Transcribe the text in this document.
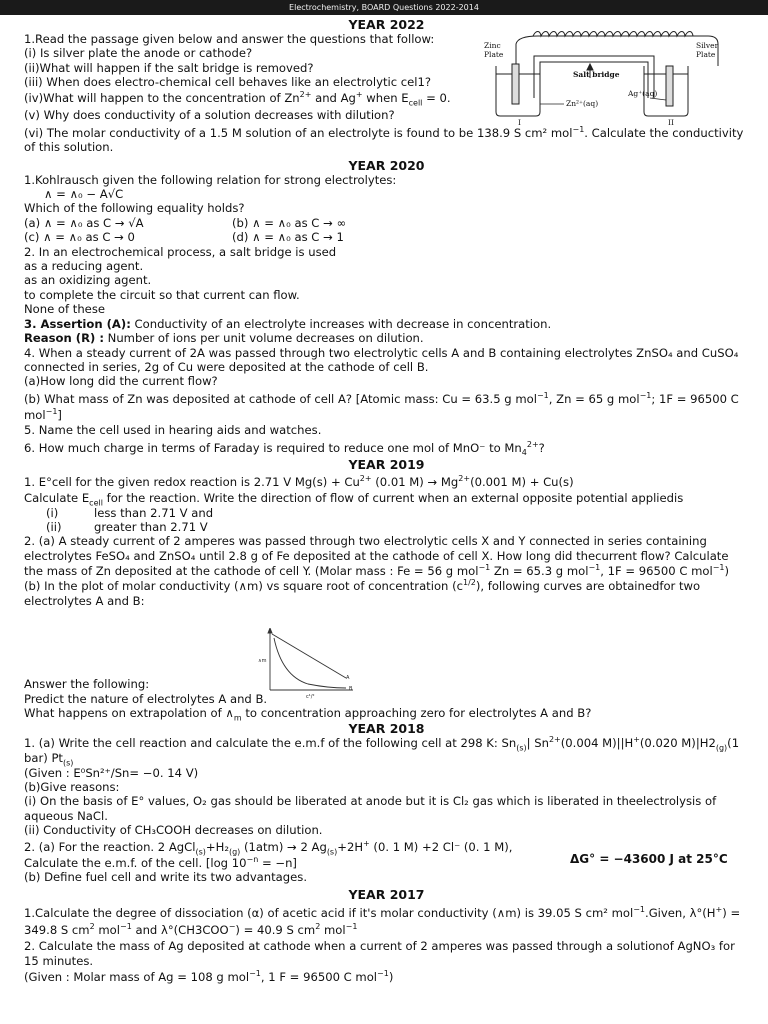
Electrochemistry, BOARD Questions 2022-2014
YEAR 2022
1.Read the passage given below and answer the questions that follow:
(i) Is silver plate the anode or cathode?
(ii)What will happen if the salt bridge is removed?
(iii) When does electro-chemical cell behaves like an electrolytic cel1?
(iv)What will happen to the concentration of $Zn^{2+}$ and Ag+ when $E_{cell} = 0$.
(v) Why does conductivity of a solution decreases with dilution?
(vi) The molar conductivity of a 1.5 M solution of an electrolyte is found to be 138.9 S cm² mol$^{-1}$. Calculate the conductivity of this solution.
YEAR 2020
1.Kohlrausch given the following relation for strong electrolytes:
∧ = ∧₀ − A√C
Which of the following equality holds?
(a) ∧ = ∧₀ as C → √A	(b) ∧ = ∧₀ as C → ∞
(c) ∧ = ∧₀ as C → 0	(d) ∧ = ∧₀ as C → 1
2. In an electrochemical process, a salt bridge is used
as a reducing agent.
as an oxidizing agent.
to complete the circuit so that current can flow.
None of these
3. Assertion (A): Conductivity of an electrolyte increases with decrease in concentration.
Reason (R) : Number of ions per unit volume decreases on dilution.
4. When a steady current of 2A was passed through two electrolytic cells A and B containing electrolytes ZnSO₄ and CuSO₄ connected in series, 2g of Cu were deposited at the cathode of cell B.
(a)How long did the current flow?
(b) What mass of Zn was deposited at cathode of cell A? [Atomic mass: Cu = 63.5 g mol$^{-1}$, Zn = 65 g mol$^{-1}$; 1F = 96500 C mol$^{-1}$]
5. Name the cell used in hearing aids and watches.
6. How much charge in terms of Faraday is required to reduce one mol of MnO⁻ to $Mn_4^{2+}$?
YEAR 2019
1. E°cell for the given redox reaction is 2.71 V $Mg(s) + Cu^{2+}$ (0.01 $M) \to Mg^{2+}(0.001$ M) + Cu(s)
Calculate $E_{cell}$ for the reaction. Write the direction of flow of current when an external opposite potential appliedis
(i)	less than 2.71 V and
(ii)	greater than 2.71 V
2. (a) A steady current of 2 amperes was passed through two electrolytic cells X and Y connected in series containing electrolytes FeSO₄ and ZnSO₄ until 2.8 g of Fe deposited at the cathode of cell X. How long did thecurrent flow? Calculate the mass of Zn deposited at the cathode of cell Y. (Molar mass : Fe = 56 g mol$^{-1}$ Zn = 65.3 g mol$^{-1}$, 1F = 96500 C mol$^{-1}$)
(b) In the plot of molar conductivity (∧m) vs square root of concentration $(c^{1/2})$, following curves are obtainedfor two electrolytes A and B:
Answer the following:
Predict the nature of electrolytes A and B.
What happens on extrapolation of $\wedge_m$ to concentration approaching zero for electrolytes A and B?
YEAR 2018
1. (a) Write the cell reaction and calculate the e.m.f of the following cell at 298 K: $Sn_{(s)}|$ $Sn^{2+}(0.004$ M)||H+(0.020 $M)|H2_{(g)}(1$ bar) $Pt_{(s)}$
(Given : E⁰Sn²⁺/Sn= −0. 14 V)
(b)Give reasons:
(i) On the basis of E° values, O₂ gas should be liberated at anode but it is Cl₂ gas which is liberated in theelectrolysis of aqueous NaCl.
(ii) Conductivity of CH₃COOH decreases on dilution.
2. (a) For the reaction. 2 $AgCl_{(s)}+H_2_{(g)}$ (1atm) → 2 $Ag_{(s)}+2H^+$ (0. 1 M) +2 Cl⁻ (0. 1 M),
Calculate the e.m.f. of the cell. [log $10^{-n} = -n$]
(b) Define fuel cell and write its two advantages.
YEAR 2017
1.Calculate the degree of dissociation (α) of acetic acid if it's molar conductivity (∧m) is 39.05 S cm² mol$^{-1}$.Given, λ°(H+) = 349.8 S $cm^2$ mol$^{-1}$ and λ°(CH3COO−) = 40.9 S $cm^2$ mol$^{-1}$
2. Calculate the mass of Ag deposited at cathode when a current of 2 amperes was passed through a solutionof AgNO₃ for 15 minutes.
(Given : Molar mass of Ag = 108 g mol$^{-1}$, 1 F = 96500 C mol$^{-1}$)
ΔG° = −43600 J at 25°C
Zinc
Plate
Silver
Plate
Salt bridge
Ag⁺(aq)
Zn²⁺(aq)
I	II
∧m
c¹/²
A
B
